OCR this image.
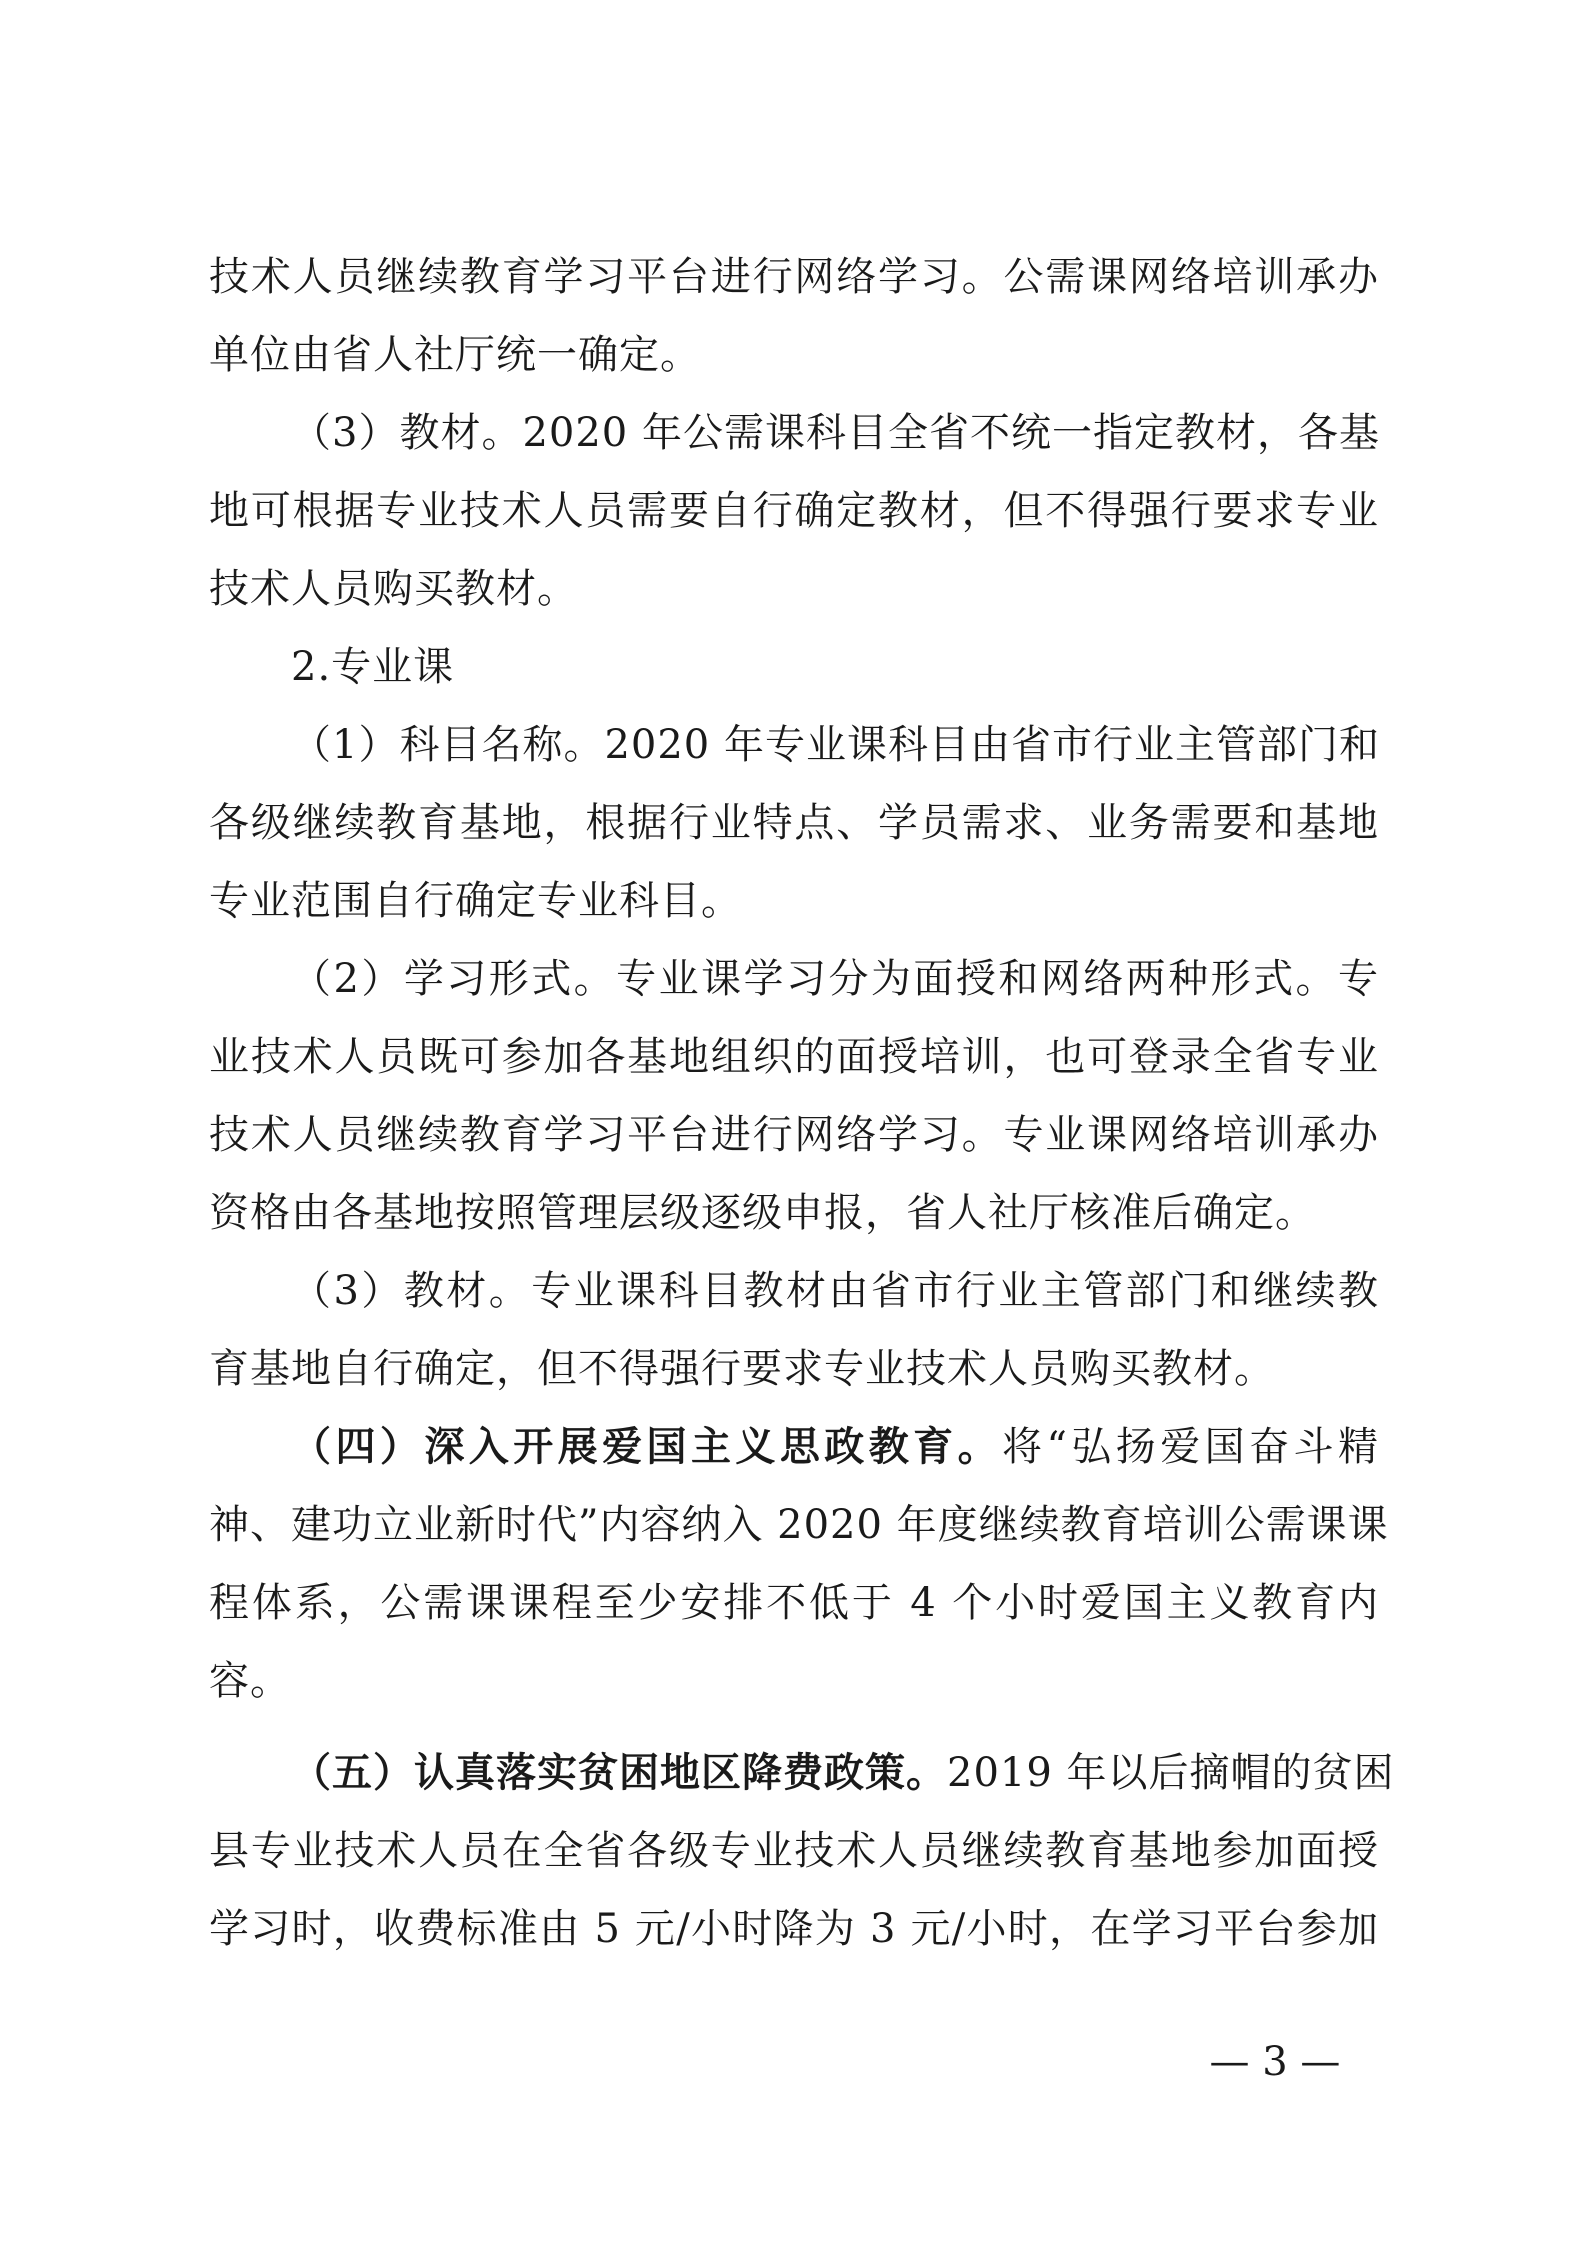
技术人员继续教育学习平台进行网络学习。公需课网络培训承办
单位由省人社厅统一确定。
（3）教材。2020 年公需课科目全省不统一指定教材，各基
地可根据专业技术人员需要自行确定教材，但不得强行要求专业
技术人员购买教材。
2.专业课
（1）科目名称。2020 年专业课科目由省市行业主管部门和
各级继续教育基地，根据行业特点、学员需求、业务需要和基地
专业范围自行确定专业科目。
（2）学习形式。专业课学习分为面授和网络两种形式。专
业技术人员既可参加各基地组织的面授培训，也可登录全省专业
技术人员继续教育学习平台进行网络学习。专业课网络培训承办
资格由各基地按照管理层级逐级申报，省人社厅核准后确定。
（3）教材。专业课科目教材由省市行业主管部门和继续教
育基地自行确定，但不得强行要求专业技术人员购买教材。
（四）深入开展爱国主义思政教育。将“弘扬爱国奋斗精
神、建功立业新时代”内容纳入 2020 年度继续教育培训公需课课
程体系，公需课课程至少安排不低于 4 个小时爱国主义教育内
容。
（五）认真落实贫困地区降费政策。2019 年以后摘帽的贫困
县专业技术人员在全省各级专业技术人员继续教育基地参加面授
学习时，收费标准由 5 元/小时降为 3 元/小时，在学习平台参加
— 3 —
